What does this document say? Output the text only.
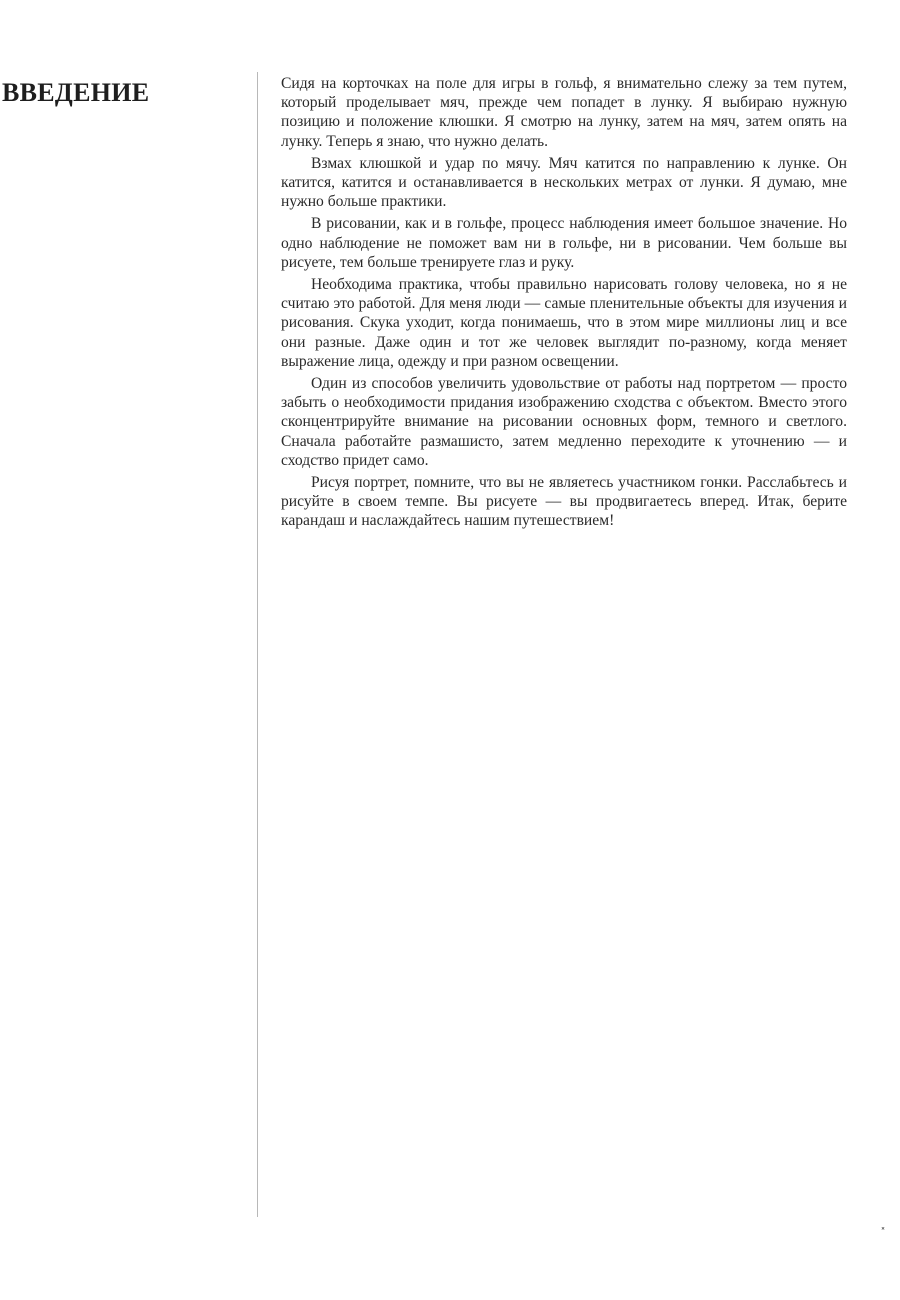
ВВЕДЕНИЕ	Сидя на корточках на поле для игры в гольф, я внимательно слежу за тем путем, который проделывает мяч, прежде чем попадет в лунку. Я выбираю нужную позицию и положение клюшки. Я смотрю на лунку, затем на мяч, затем опять на лунку. Теперь я знаю, что нужно делать.

Взмах клюшкой и удар по мячу. Мяч катится по направлению к лунке. Он катится, катится и останавливается в нескольких метрах от лунки. Я думаю, мне нужно больше практики.

В рисовании, как и в гольфе, процесс наблюдения имеет большое значение. Но одно наблюдение не поможет вам ни в гольфе, ни в рисовании. Чем больше вы рисуете, тем больше тренируете глаз и руку.

Необходима практика, чтобы правильно нарисовать голову человека, но я не считаю это работой. Для меня люди — самые пленительные объекты для изучения и рисования. Скука уходит, когда понимаешь, что в этом мире миллионы лиц и все они разные. Даже один и тот же человек выглядит по-разному, когда меняет выражение лица, одежду и при разном освещении.

Один из способов увеличить удовольствие от работы над портретом — просто забыть о необходимости придания изображению сходства с объектом. Вместо этого сконцентрируйте внимание на рисовании основных форм, темного и светлого. Сначала работайте размашисто, затем медленно переходите к уточнению — и сходство придет само.

Рисуя портрет, помните, что вы не являетесь участником гонки. Расслабьтесь и рисуйте в своем темпе. Вы рисуете — вы продвигаетесь вперед. Итак, берите карандаш и наслаждайтесь нашим путешествием!

˟
